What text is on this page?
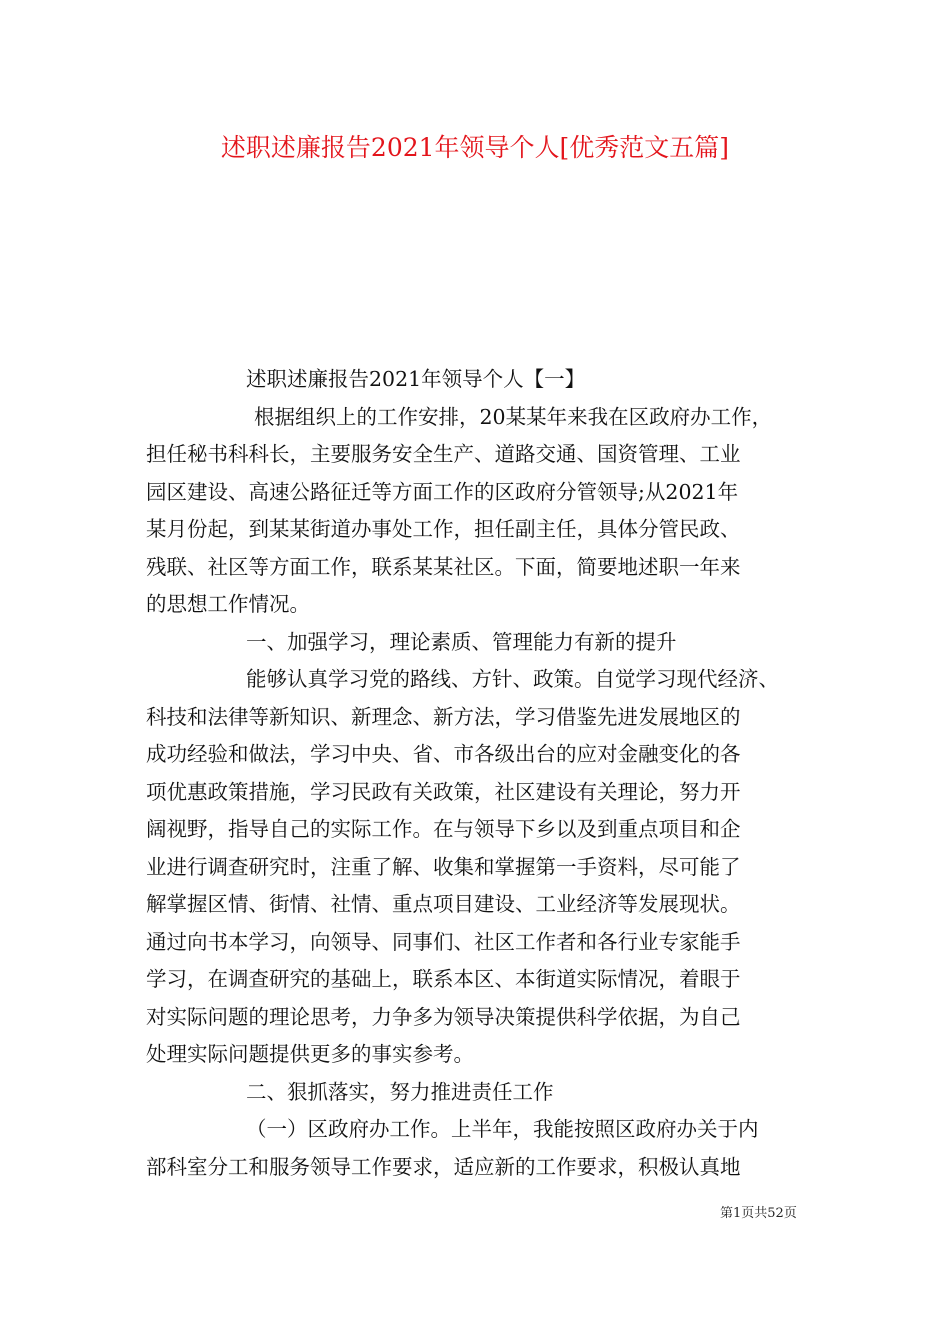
述职述廉报告2021年领导个人[优秀范文五篇]
述职述廉报告2021年领导个人【一】
根据组织上的工作安排，20某某年来我在区政府办工作，
担任秘书科科长，主要服务安全生产、道路交通、国资管理、工业
园区建设、高速公路征迁等方面工作的区政府分管领导;从2021年
某月份起，到某某街道办事处工作，担任副主任，具体分管民政、
残联、社区等方面工作，联系某某社区。下面，简要地述职一年来
的思想工作情况。
一、加强学习，理论素质、管理能力有新的提升
能够认真学习党的路线、方针、政策。自觉学习现代经济、
科技和法律等新知识、新理念、新方法，学习借鉴先进发展地区的
成功经验和做法，学习中央、省、市各级出台的应对金融变化的各
项优惠政策措施，学习民政有关政策，社区建设有关理论，努力开
阔视野，指导自己的实际工作。在与领导下乡以及到重点项目和企
业进行调查研究时，注重了解、收集和掌握第一手资料，尽可能了
解掌握区情、街情、社情、重点项目建设、工业经济等发展现状。
通过向书本学习，向领导、同事们、社区工作者和各行业专家能手
学习，在调查研究的基础上，联系本区、本街道实际情况，着眼于
对实际问题的理论思考，力争多为领导决策提供科学依据，为自己
处理实际问题提供更多的事实参考。
二、狠抓落实，努力推进责任工作
（一）区政府办工作。上半年，我能按照区政府办关于内
部科室分工和服务领导工作要求，适应新的工作要求，积极认真地
第1页共52页
